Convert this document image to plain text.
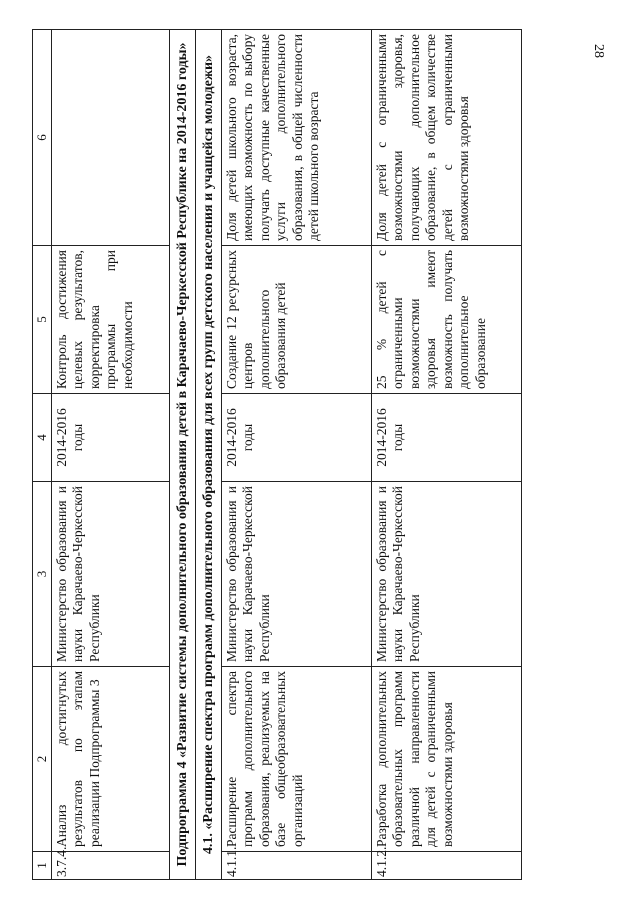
28
1	2	3	4	5	6
3.7.4.	Анализ достигнутых результатов по этапам реализации Подпрограммы 3	Министерство образования и науки Карачаево-Черкесской Республики	2014-2016 годы	Контроль достижения целевых результатов, корректировка программы при необходимости	
Подпрограмма 4 «Развитие системы дополнительного образования детей в Карачаево-Черкесской Республике на 2014-2016 годы»					
4.1. «Расширение спектра программ дополнительного образования для всех групп детского населения и учащейся молодежи»					
4.1.1.	Расширение спектра программ дополнительного образования, реализуемых на базе общеобразовательных организаций	Министерство образования и науки Карачаево-Черкесской Республики	2014-2016 годы	Создание 12 ресурсных центров дополнительного образования детей	Доля детей школьного возраста, имеющих возможность по выбору получать доступные качественные услуги дополнительного образования, в общей численности детей школьного возраста
4.1.2.	Разработка дополнительных образовательных программ различной направленности для детей с ограниченными возможностями здоровья	Министерство образования и науки Карачаево-Черкесской Республики	2014-2016 годы	25 % детей с ограниченными возможностями здоровья имеют возможность получать дополнительное образование	Доля детей с ограниченными возможностями здоровья, получающих дополнительное образование, в общем количестве детей с ограниченными возможностями здоровья
